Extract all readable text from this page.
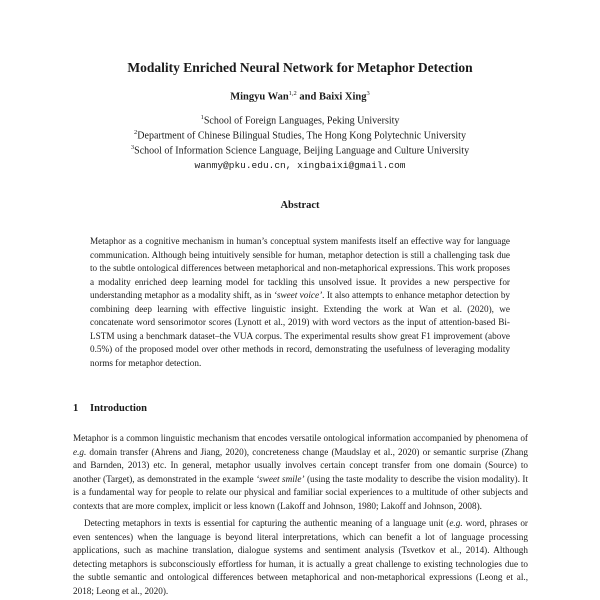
Modality Enriched Neural Network for Metaphor Detection
Mingyu Wan$^{1,2}$ and Baixi Xing$^3$
$^1$School of Foreign Languages, Peking University
$^2$Department of Chinese Bilingual Studies, The Hong Kong Polytechnic University
$^3$School of Information Science Language, Beijing Language and Culture University
wanmy@pku.edu.cn, xingbaixi@gmail.com
Abstract
Metaphor as a cognitive mechanism in human’s conceptual system manifests itself an effective way for language communication. Although being intuitively sensible for human, metaphor detection is still a challenging task due to the subtle ontological differences between metaphorical and non-metaphorical expressions. This work proposes a modality enriched deep learning model for tackling this unsolved issue. It provides a new perspective for understanding metaphor as a modality shift, as in ‘sweet voice’. It also attempts to enhance metaphor detection by combining deep learning with effective linguistic insight. Extending the work at Wan et al. (2020), we concatenate word sensorimotor scores (Lynott et al., 2019) with word vectors as the input of attention-based Bi-LSTM using a benchmark dataset–the VUA corpus. The experimental results show great F1 improvement (above 0.5%) of the proposed model over other methods in record, demonstrating the usefulness of leveraging modality norms for metaphor detection.
1 Introduction
Metaphor is a common linguistic mechanism that encodes versatile ontological information accompanied by phenomena of e.g. domain transfer (Ahrens and Jiang, 2020), concreteness change (Maudslay et al., 2020) or semantic surprise (Zhang and Barnden, 2013) etc. In general, metaphor usually involves certain concept transfer from one domain (Source) to another (Target), as demonstrated in the example ‘sweet smile’ (using the taste modality to describe the vision modality). It is a fundamental way for people to relate our physical and familiar social experiences to a multitude of other subjects and contexts that are more complex, implicit or less known (Lakoff and Johnson, 1980; Lakoff and Johnson, 2008).
Detecting metaphors in texts is essential for capturing the authentic meaning of a language unit (e.g. word, phrases or even sentences) when the language is beyond literal interpretations, which can benefit a lot of language processing applications, such as machine translation, dialogue systems and sentiment analysis (Tsvetkov et al., 2014). Although detecting metaphors is subconsciously effortless for human, it is actually a great challenge to existing technologies due to the subtle semantic and ontological differences between metaphorical and non-metaphorical expressions (Leong et al., 2018; Leong et al., 2020).
